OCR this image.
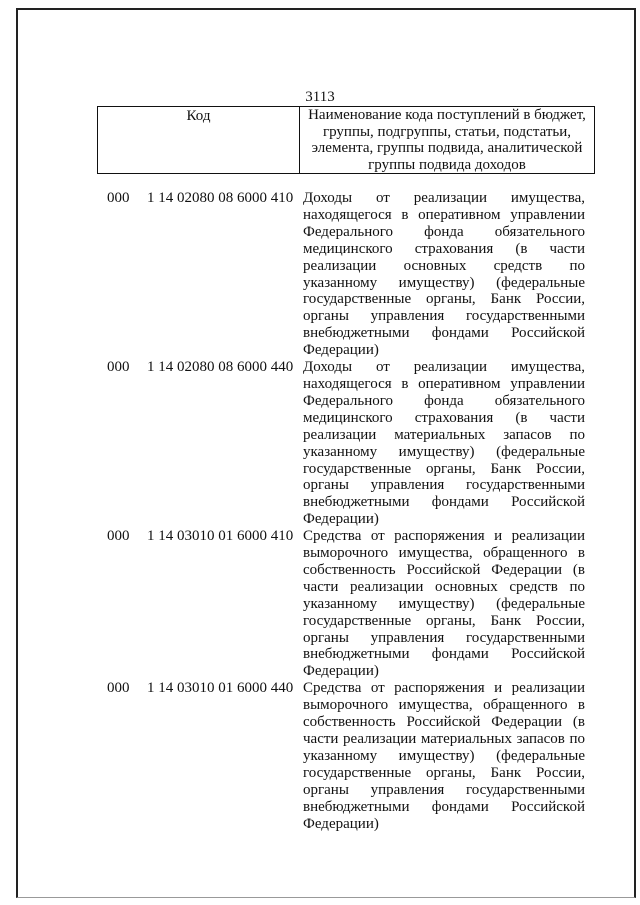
3113
Код	Наименование кода поступлений в бюджет, группы, подгруппы, статьи, подстатьи, элемента, группы подвида, аналитической группы подвида доходов
000	1 14 02080 08 6000 410 Доходы от реализации имущества, находящегося в оперативном управлении Федерального фонда обязательного медицинского страхования (в части реализации основных средств по указанному имуществу) (федеральные государственные органы, Банк России, органы управления государственными внебюджетными фондами Российской Федерации)
000	1 14 02080 08 6000 440 Доходы от реализации имущества, находящегося в оперативном управлении Федерального фонда обязательного медицинского страхования (в части реализации материальных запасов по указанному имуществу) (федеральные государственные органы, Банк России, органы управления государственными внебюджетными фондами Российской Федерации)
000	1 14 03010 01 6000 410 Средства от распоряжения и реализации выморочного имущества, обращенного в собственность Российской Федерации (в части реализации основных средств по указанному имуществу) (федеральные государственные органы, Банк России, органы управления государственными внебюджетными фондами Российской Федерации)
000	1 14 03010 01 6000 440 Средства от распоряжения и реализации выморочного имущества, обращенного в собственность Российской Федерации (в части реализации материальных запасов по указанному имуществу) (федеральные государственные органы, Банк России, органы управления государственными внебюджетными фондами Российской Федерации)
